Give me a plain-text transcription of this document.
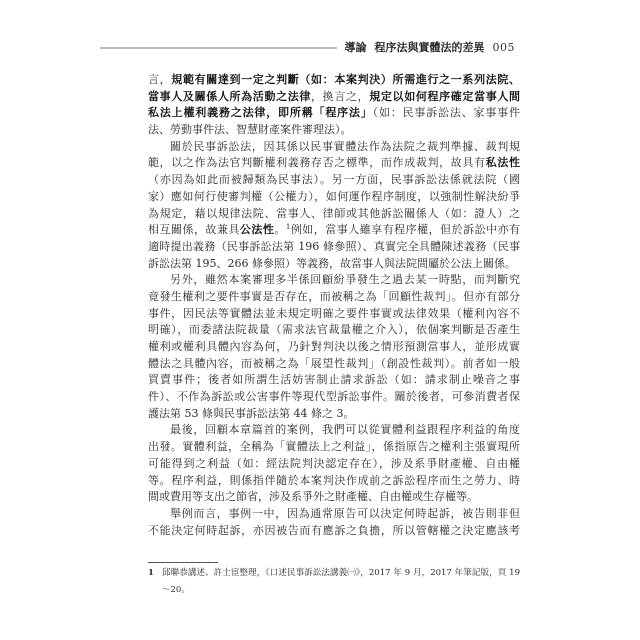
導論 程序法與實體法的差異 005
言，規範有關達到一定之判斷（如：本案判決）所需進行之一系列法院、
當事人及關係人所為活動之法律，換言之，規定以如何程序確定當事人間
私法上權利義務之法律，即所稱「程序法」（如：民事訴訟法、家事事件
法、勞動事件法、智慧財產案件審理法）。
關於民事訴訟法，因其係以民事實體法作為法院之裁判準據、裁判規
範，以之作為法官判斷權利義務存否之標準，而作成裁判，故具有私法性
（亦因為如此而被歸類為民事法）。另一方面，民事訴訟法係就法院（國
家）應如何行使審判權（公權力），如何運作程序制度，以強制性解決紛爭
為規定，藉以規律法院、當事人、律師或其他訴訟關係人（如：證人）之
相互關係，故兼具公法性。$^1$例如，當事人雖享有程序權，但於訴訟中亦有
適時提出義務（民事訴訟法第 196 條參照）、真實完全具體陳述義務（民事
訴訟法第 195、266 條參照）等義務，故當事人與法院間屬於公法上關係。
另外，雖然本案審理多半係回顧紛爭發生之過去某一時點，而判斷究
竟發生權利之要件事實是否存在，而被稱之為「回顧性裁判」。但亦有部分
事件，因民法等實體法並未規定明確之要件事實或法律效果（權利內容不
明確），而委諸法院裁量（需求法官裁量權之介入），依個案判斷是否產生
權利或權利具體內容為何，乃針對判決以後之情形預測當事人，並形成實
體法之具體內容，而被稱之為「展望性裁判」（創設性裁判）。前者如一般
買賣事件；後者如所謂生活妨害制止請求訴訟（如：請求制止噪音之事
件）、不作為訴訟或公害事件等現代型訴訟事件。關於後者，可參消費者保
護法第 53 條與民事訴訟法第 44 條之 3。
最後，回顧本章篇首的案例，我們可以從實體利益跟程序利益的角度
出發。實體利益，全稱為「實體法上之利益」，係指原告之權利主張實現所
可能得到之利益（如：經法院判決認定存在），涉及系爭財產權、自由權
等。程序利益，則係指伴隨於本案判決作成前之訴訟程序而生之勞力、時
間或費用等支出之節省，涉及系爭外之財產權、自由權或生存權等。
舉例而言，事例一中，因為通常原告可以決定何時起訴，被告則非但
不能決定何時起訴，亦因被告而有應訴之負擔，所以管轄權之決定應該考
1 邱聯恭講述、許士宦整理，《口述民事訴訟法講義㈠》，2017 年 9 月，2017 年筆記版，頁 19
～20。
